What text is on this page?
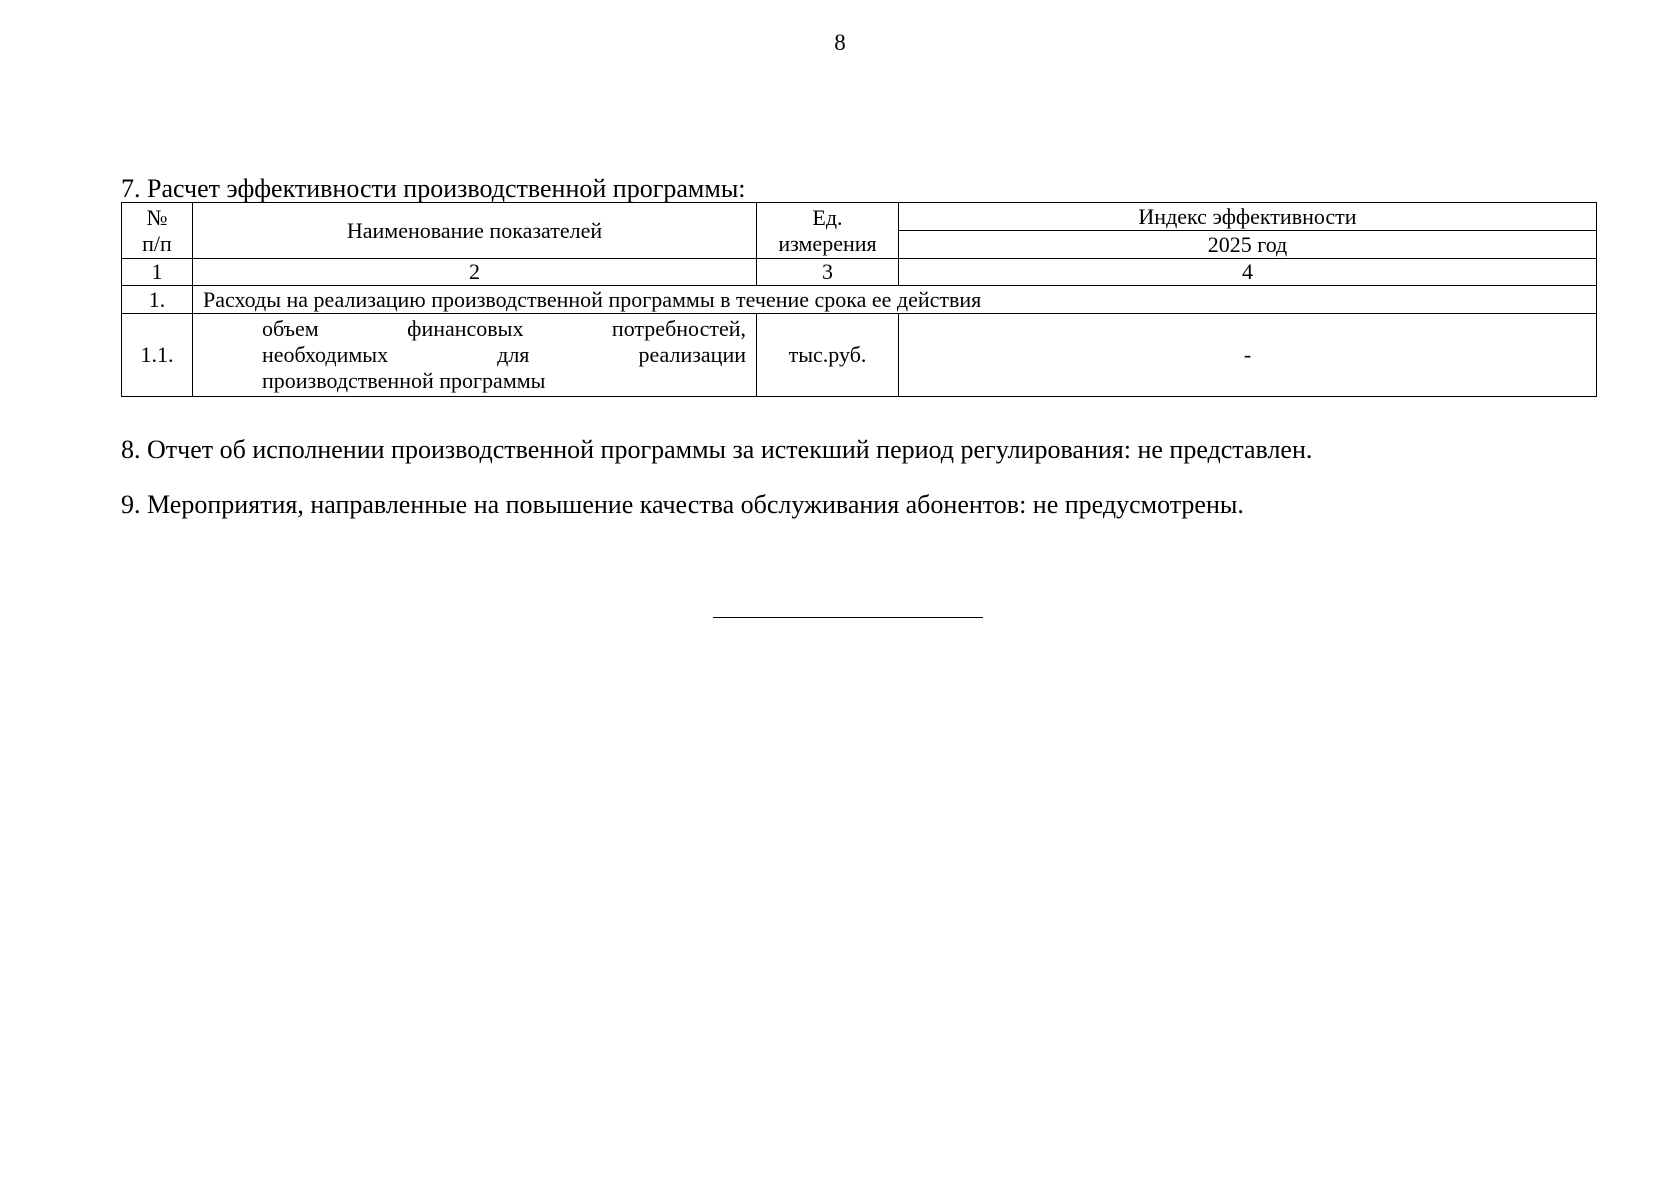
8
7. Расчет эффективности производственной программы:
№ п/п	Наименование показателей	Ед. измерения	Индекс эффективности
			2025 год
1	2	3	4
1.	Расходы на реализацию производственной программы в течение срока ее действия		
1.1.	объем финансовых потребностей,
необходимых для реализации
производственной программы	тыс.руб.	-
8. Отчет об исполнении производственной программы за истекший период регулирования: не представлен.
9. Мероприятия, направленные на повышение качества обслуживания абонентов: не предусмотрены.
